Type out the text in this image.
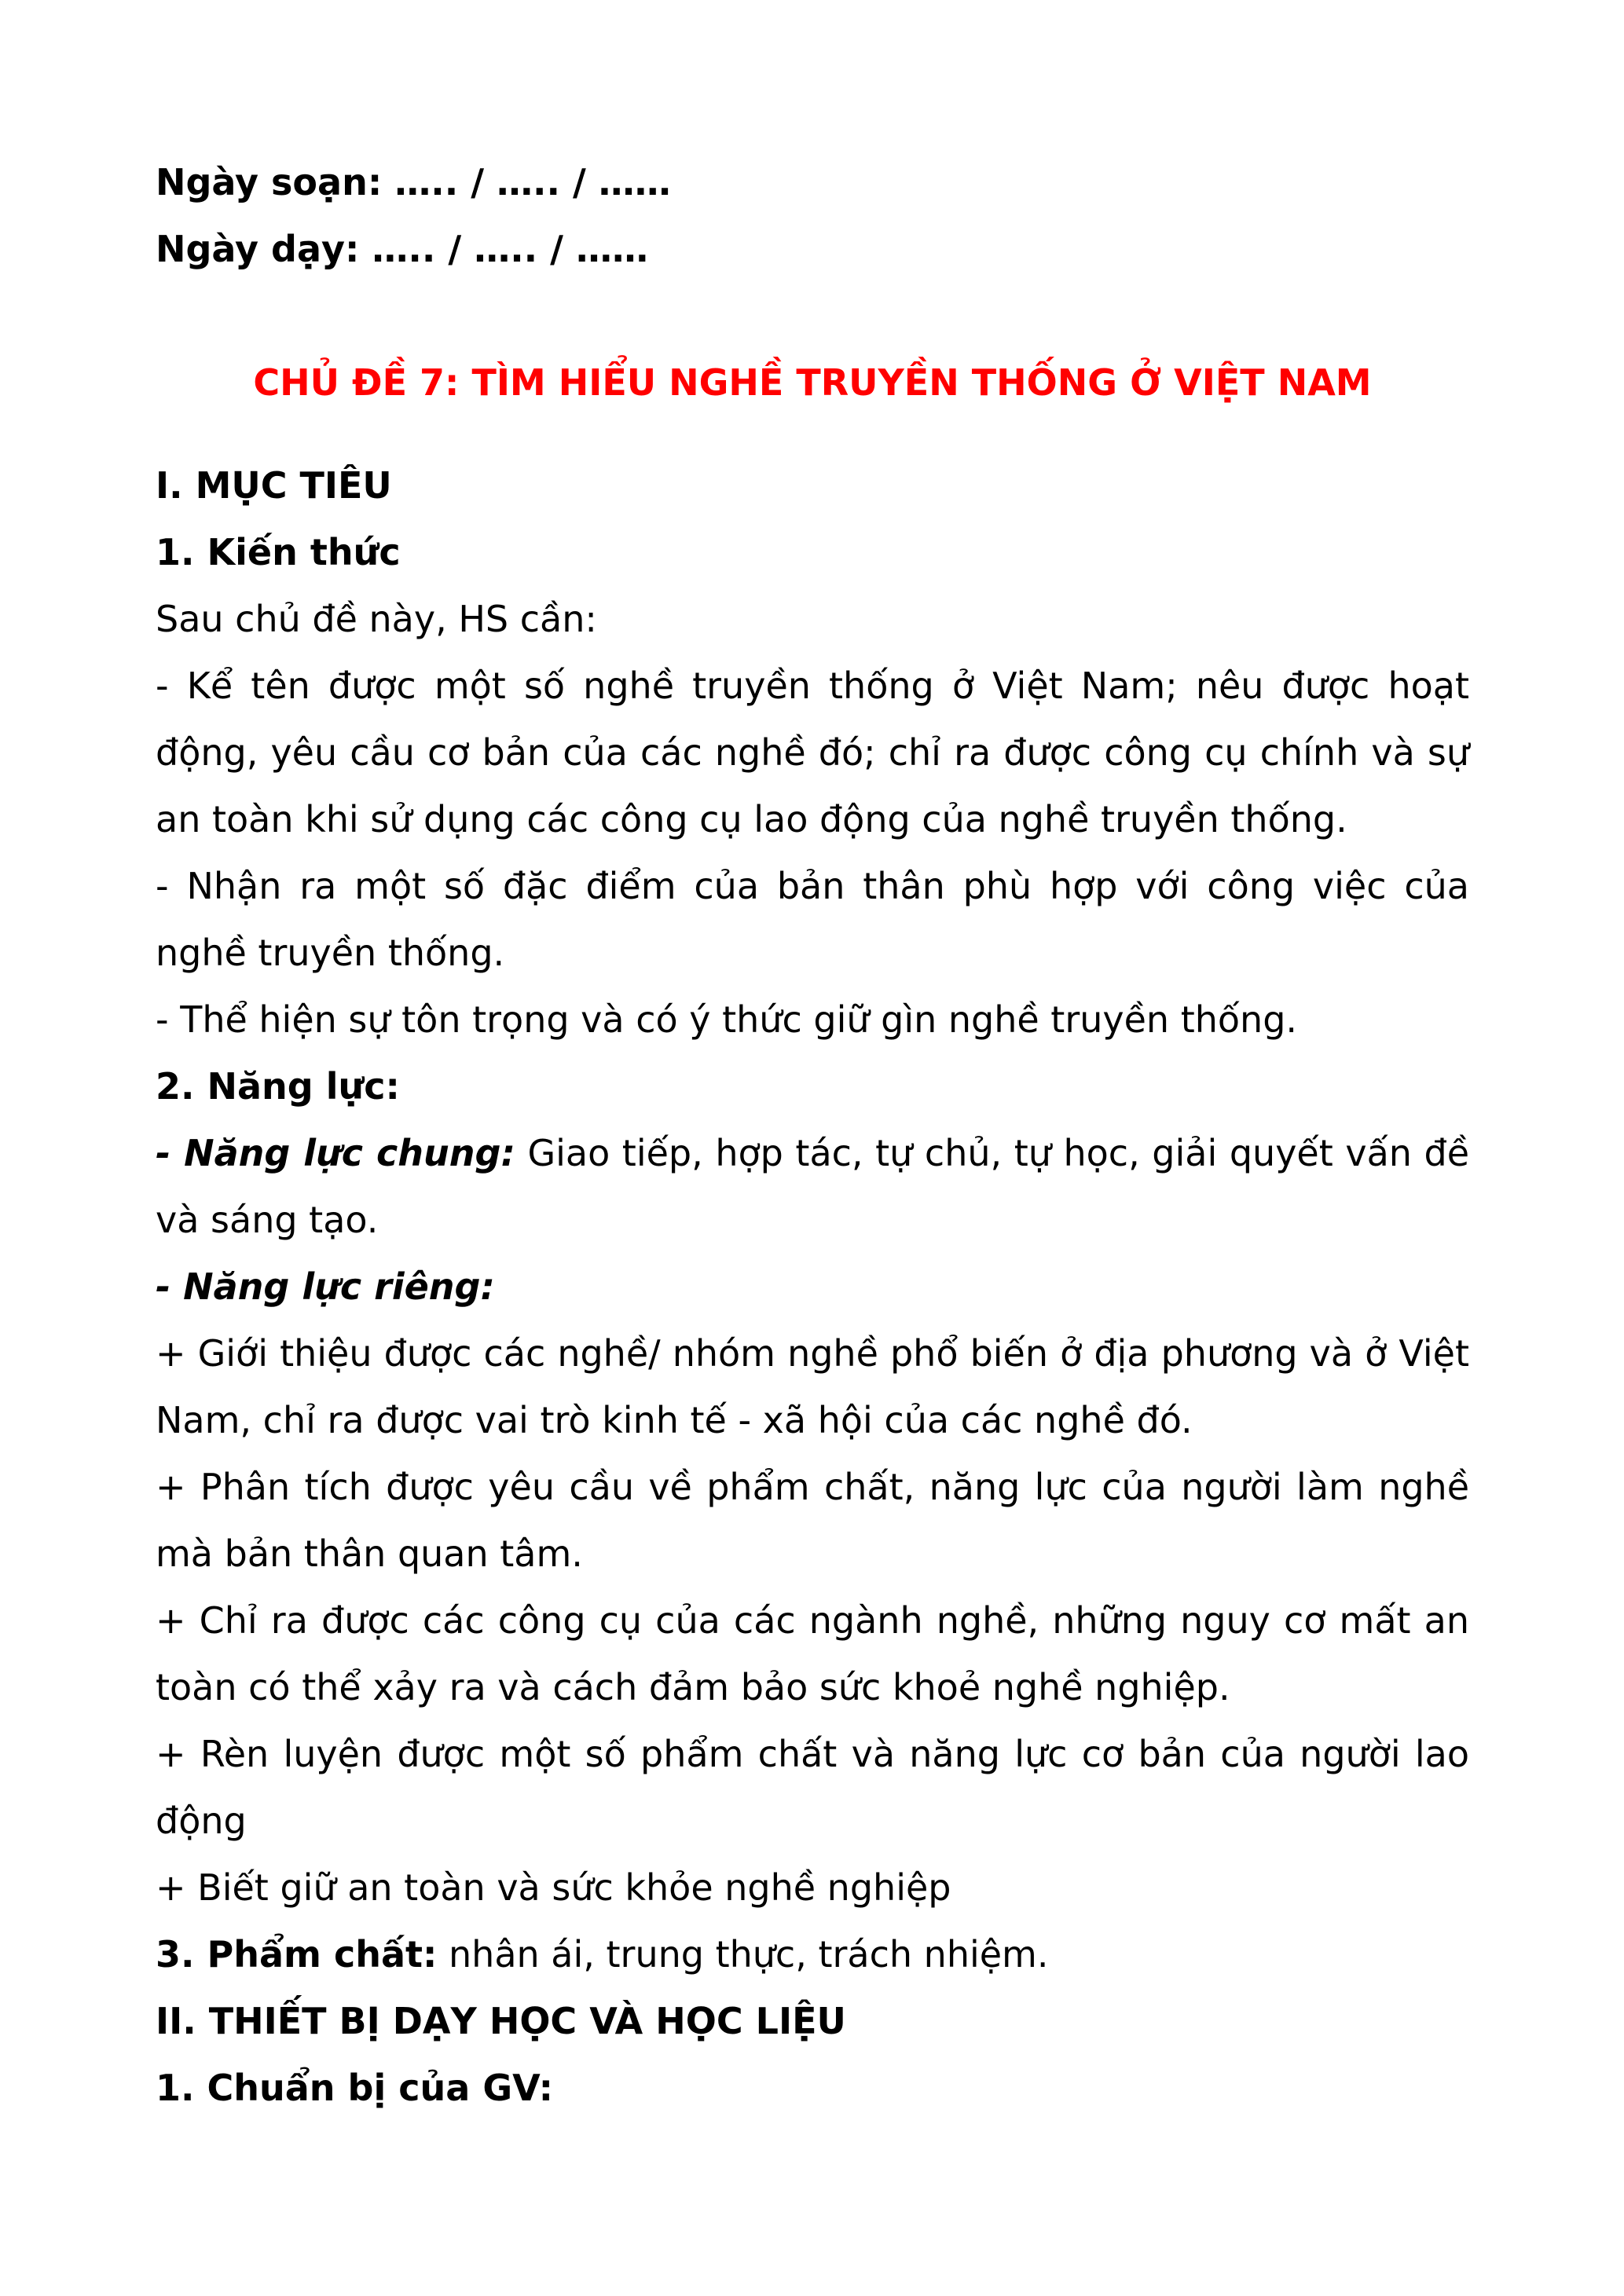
Ngày soạn: ….. / ….. / ……

Ngày dạy: ….. / ….. / ……

CHỦ ĐỀ 7: TÌM HIỂU NGHỀ TRUYỀN THỐNG Ở VIỆT NAM

I. MỤC TIÊU

1. Kiến thức

Sau chủ đề này, HS cần:

- Kể tên được một số nghề truyền thống ở Việt Nam; nêu được hoạt động, yêu cầu cơ bản của các nghề đó; chỉ ra được công cụ chính và sự an toàn khi sử dụng các công cụ lao động của nghề truyền thống.

- Nhận ra một số đặc điểm của bản thân phù hợp với công việc của nghề truyền thống.

- Thể hiện sự tôn trọng và có ý thức giữ gìn nghề truyền thống.

2. Năng lực:

- Năng lực chung: Giao tiếp, hợp tác, tự chủ, tự học, giải quyết vấn đề và sáng tạo.

- Năng lực riêng:

+ Giới thiệu được các nghề/ nhóm nghề phổ biến ở địa phương và ở Việt Nam, chỉ ra được vai trò kinh tế - xã hội của các nghề đó.

+ Phân tích được yêu cầu về phẩm chất, năng lực của người làm nghề mà bản thân quan tâm.

+ Chỉ ra được các công cụ của các ngành nghề, những nguy cơ mất an toàn có thể xảy ra và cách đảm bảo sức khoẻ nghề nghiệp.

+ Rèn luyện được một số phẩm chất và năng lực cơ bản của người lao động

+ Biết giữ an toàn và sức khỏe nghề nghiệp

3. Phẩm chất: nhân ái, trung thực, trách nhiệm.

II. THIẾT BỊ DẠY HỌC VÀ HỌC LIỆU

1. Chuẩn bị của GV:
